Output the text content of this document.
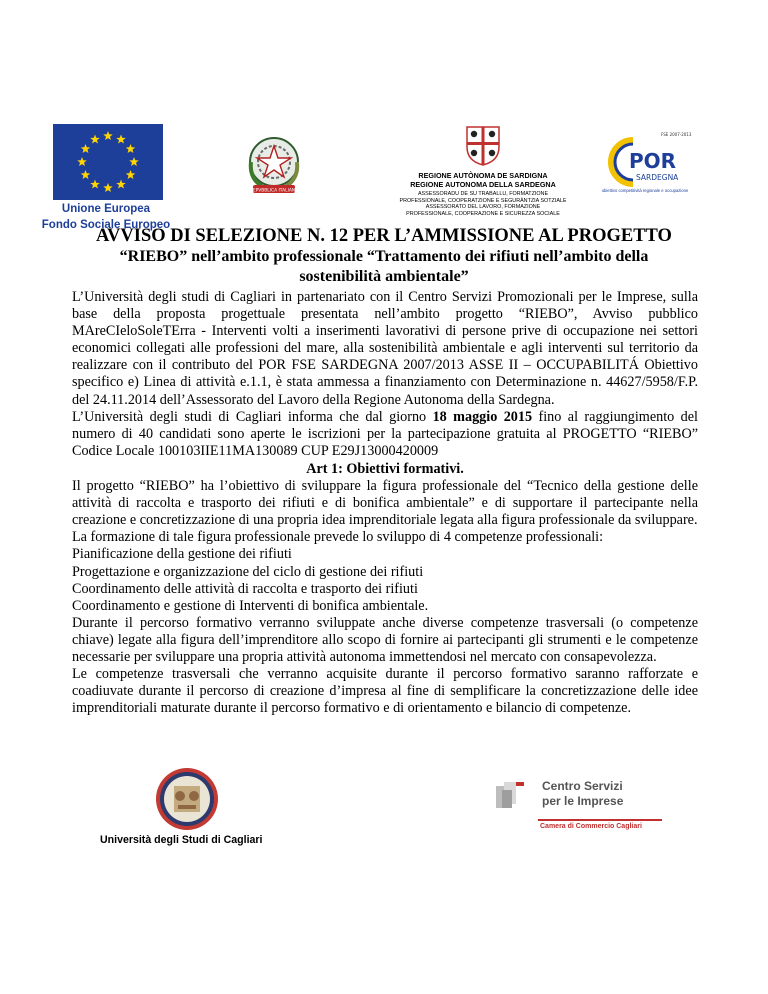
Unione Europea
Fondo Sociale Europeo
REPVBBLICA ITALIANA
REGIONE AUTÒNOMA DE SARDIGNA
REGIONE AUTONOMA DELLA SARDEGNA
ASSESSORADU DE SU TRABALLU, FORMATZIONE
PROFESSIONALE, COOPERATZIONE E SEGURÀNTZIA SOTZIALE
ASSESSORATO DEL LAVORO, FORMAZIONE
PROFESSIONALE, COOPERAZIONE E SICUREZZA SOCIALE
FSE 2007-2013
POR
SARDEGNA
obiettivo competitività regionale e occupazione
AVVISO DI SELEZIONE N. 12 PER L’AMMISSIONE AL PROGETTO
“RIEBO” nell’ambito professionale “Trattamento dei rifiuti nell’ambito della
sostenibilità ambientale”

L’Università degli studi di Cagliari in partenariato con il Centro Servizi Promozionali per le Imprese, sulla base della proposta progettuale presentata nell’ambito progetto “RIEBO”, Avviso pubblico MAreCIeloSoleTErra - Interventi volti a inserimenti lavorativi di persone prive di occupazione nei settori economici collegati alle professioni del mare, alla sostenibilità ambientale e agli interventi sul territorio da realizzare con il contributo del POR FSE SARDEGNA 2007/2013 ASSE II – OCCUPABILITÁ Obiettivo specifico e) Linea di attività e.1.1, è stata ammessa a finanziamento con Determinazione n. 44627/5958/F.P. del 24.11.2014 dell’Assessorato del Lavoro della Regione Autonoma della Sardegna.

L’Università degli studi di Cagliari informa che dal giorno 18 maggio 2015 fino al raggiungimento del numero di 40 candidati sono aperte le iscrizioni per la partecipazione gratuita al PROGETTO “RIEBO” Codice Locale 100103IIE11MA130089 CUP E29J13000420009

Art 1: Obiettivi formativi.

Il progetto “RIEBO” ha l’obiettivo di sviluppare la figura professionale del “Tecnico della gestione delle attività di raccolta e trasporto dei rifiuti e di bonifica ambientale” e di supportare il partecipante nella creazione e concretizzazione di una propria idea imprenditoriale legata alla figura professionale da sviluppare.

La formazione di tale figura professionale prevede lo sviluppo di 4 competenze professionali:

Pianificazione della gestione dei rifiuti

Progettazione e organizzazione del ciclo di gestione dei rifiuti

Coordinamento delle attività di raccolta e trasporto dei rifiuti

Coordinamento e gestione di Interventi di bonifica ambientale.

Durante il percorso formativo verranno sviluppate anche diverse competenze trasversali (o competenze chiave) legate alla figura dell’imprenditore allo scopo di fornire ai partecipanti gli strumenti e le competenze necessarie per sviluppare una propria attività autonoma immettendosi nel mercato con consapevolezza.

Le competenze trasversali che verranno acquisite durante il percorso formativo saranno rafforzate e coadiuvate durante il percorso di creazione d’impresa al fine di semplificare la concretizzazione delle idee imprenditoriali maturate durante il percorso formativo e di orientamento e bilancio di competenze.

Università degli Studi di Cagliari
Centro Servizi
per le Imprese
Camera di Commercio Cagliari
